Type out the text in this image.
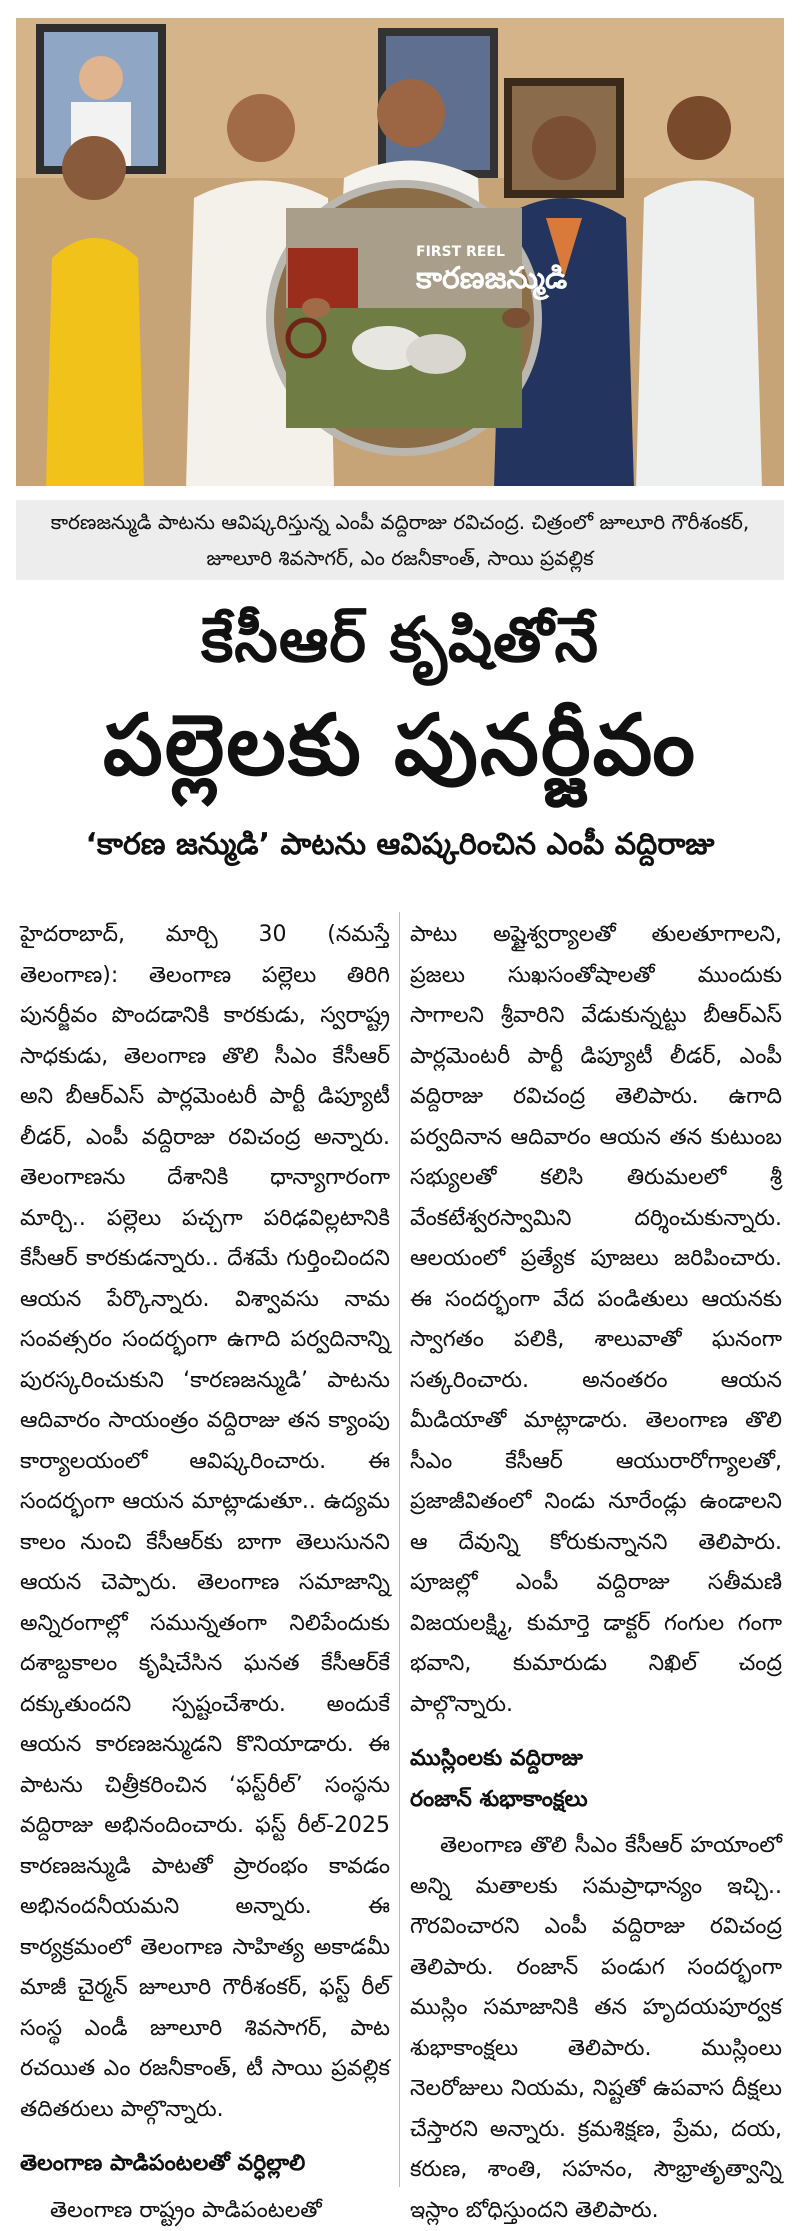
FIRST REEL
కారణజన్ముడి
కారణజన్ముడి పాటను ఆవిష్కరిస్తున్న ఎంపీ వద్దిరాజు రవిచంద్ర. చిత్రంలో జూలూరి గౌరీశంకర్, జూలూరి శివసాగర్, ఎం రజనీకాంత్, సాయి ప్రవల్లిక
కేసీఆర్ కృషితోనే
పల్లెలకు పునర్జీవం
‘కారణ జన్ముడి’ పాటను ఆవిష్కరించిన ఎంపీ వద్దిరాజు

హైదరాబాద్, మార్చి 30 (నమస్తే తెలంగాణ): తెలంగాణ పల్లెలు తిరిగి పునర్జీవం పొందడానికి కారకుడు, స్వరాష్ట్ర సాధకుడు, తెలంగాణ తొలి సీఎం కేసీఆర్ అని బీఆర్ఎస్ పార్లమెంటరీ పార్టీ డిప్యూటీ లీడర్, ఎంపీ వద్దిరాజు రవిచంద్ర అన్నారు. తెలంగాణను దేశానికి ధాన్యాగారంగా మార్చి.. పల్లెలు పచ్చగా పరిఢవిల్లటానికి కేసీఆర్ కారకుడన్నారు.. దేశమే గుర్తించిందని ఆయన పేర్కొన్నారు. విశ్వావసు నామ సంవత్సరం సందర్భంగా ఉగాది పర్వదినాన్ని పురస్కరించుకుని ‘కారణజన్ముడి’ పాటను ఆదివారం సాయంత్రం వద్దిరాజు తన క్యాంపు కార్యాలయంలో ఆవిష్కరించారు. ఈ సందర్భంగా ఆయన మాట్లాడుతూ.. ఉద్యమ కాలం నుంచి కేసీఆర్‌కు బాగా తెలుసునని ఆయన చెప్పారు. తెలంగాణ సమాజాన్ని అన్నిరంగాల్లో సమున్నతంగా నిలిపేందుకు దశాబ్దకాలం కృషిచేసిన ఘనత కేసీఆర్‌కే దక్కుతుందని స్పష్టంచేశారు. అందుకే ఆయన కారణజన్ముడని కొనియాడారు. ఈ పాటను చిత్రీకరించిన ‘ఫస్ట్‌రీల్’ సంస్థను వద్దిరాజు అభినందించారు. ఫస్ట్ రీల్-2025 కారణజన్ముడి పాటతో ప్రారంభం కావడం అభినందనీయమని అన్నారు. ఈ కార్యక్రమంలో తెలంగాణ సాహిత్య అకాడమీ మాజీ చైర్మన్ జూలూరి గౌరీశంకర్, ఫస్ట్ రీల్ సంస్థ ఎండీ జూలూరి శివసాగర్, పాట రచయిత ఎం రజనీకాంత్, టీ సాయి ప్రవల్లిక తదితరులు పాల్గొన్నారు.

తెలంగాణ పాడిపంటలతో వర్ధిల్లాలి

తెలంగాణ రాష్ట్రం పాడిపంటలతో

పాటు అష్టైశ్వర్యాలతో తులతూగాలని, ప్రజలు సుఖసంతోషాలతో ముందుకు సాగాలని శ్రీవారిని వేడుకున్నట్టు బీఆర్ఎస్ పార్లమెంటరీ పార్టీ డిప్యూటీ లీడర్, ఎంపీ వద్దిరాజు రవిచంద్ర తెలిపారు. ఉగాది పర్వదినాన ఆదివారం ఆయన తన కుటుంబ సభ్యులతో కలిసి తిరుమలలో శ్రీ వేంకటేశ్వరస్వామిని దర్శించుకున్నారు. ఆలయంలో ప్రత్యేక పూజలు జరిపించారు. ఈ సందర్భంగా వేద పండితులు ఆయనకు స్వాగతం పలికి, శాలువాతో ఘనంగా సత్కరించారు. అనంతరం ఆయన మీడియాతో మాట్లాడారు. తెలంగాణ తొలి సీఎం కేసీఆర్ ఆయురారోగ్యాలతో, ప్రజాజీవితంలో నిండు నూరేండ్లు ఉండాలని ఆ దేవున్ని కోరుకున్నానని తెలిపారు. పూజల్లో ఎంపీ వద్దిరాజు సతీమణి విజయలక్ష్మి, కుమార్తె డాక్టర్ గంగుల గంగా భవాని, కుమారుడు నిఖిల్ చంద్ర పాల్గొన్నారు.

ముస్లింలకు వద్దిరాజు

రంజాన్ శుభాకాంక్షలు

తెలంగాణ తొలి సీఎం కేసీఆర్ హయాంలో అన్ని మతాలకు సమప్రాధాన్యం ఇచ్చి.. గౌరవించారని ఎంపీ వద్దిరాజు రవిచంద్ర తెలిపారు. రంజాన్ పండుగ సందర్భంగా ముస్లిం సమాజానికి తన హృదయపూర్వక శుభాకాంక్షలు తెలిపారు. ముస్లింలు నెలరోజులు నియమ, నిష్టతో ఉపవాస దీక్షలు చేస్తారని అన్నారు. క్రమశిక్షణ, ప్రేమ, దయ, కరుణ, శాంతి, సహనం, సౌభ్రాతృత్వాన్ని ఇస్లాం బోధిస్తుందని తెలిపారు.
